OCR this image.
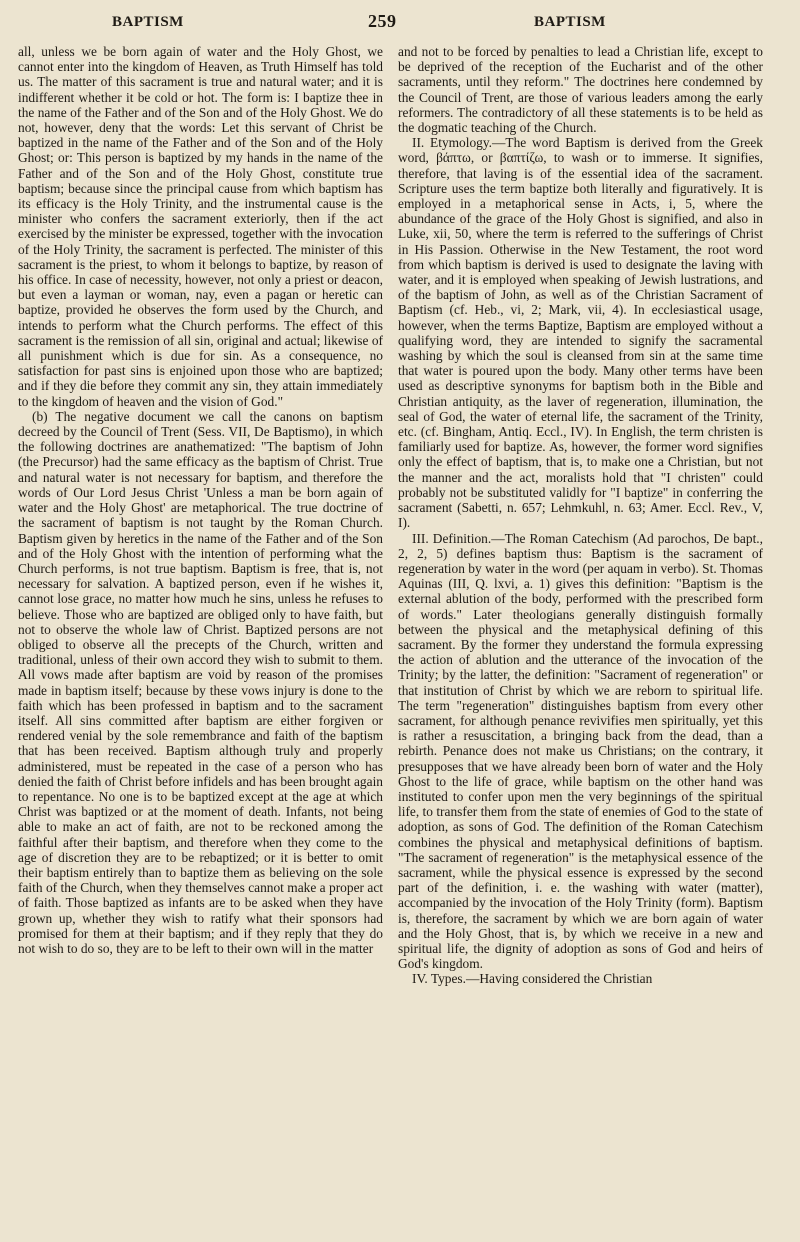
BAPTISM	259	BAPTISM

all, unless we be born again of water and the Holy Ghost, we cannot enter into the kingdom of Heaven, as Truth Himself has told us. The matter of this sacrament is true and natural water; and it is indifferent whether it be cold or hot. The form is: I baptize thee in the name of the Father and of the Son and of the Holy Ghost. We do not, however, deny that the words: Let this servant of Christ be baptized in the name of the Father and of the Son and of the Holy Ghost; or: This person is baptized by my hands in the name of the Father and of the Son and of the Holy Ghost, constitute true baptism; because since the principal cause from which baptism has its efficacy is the Holy Trinity, and the instrumental cause is the minister who confers the sacrament exteriorly, then if the act exercised by the minister be expressed, together with the invocation of the Holy Trinity, the sacrament is perfected. The minister of this sacrament is the priest, to whom it belongs to baptize, by reason of his office. In case of necessity, however, not only a priest or deacon, but even a layman or woman, nay, even a pagan or heretic can baptize, provided he observes the form used by the Church, and intends to perform what the Church performs. The effect of this sacrament is the remission of all sin, original and actual; likewise of all punishment which is due for sin. As a consequence, no satisfaction for past sins is enjoined upon those who are baptized; and if they die before they commit any sin, they attain immediately to the kingdom of heaven and the vision of God."

(b) The negative document we call the canons on baptism decreed by the Council of Trent (Sess. VII, De Baptismo), in which the following doctrines are anathematized: "The baptism of John (the Precursor) had the same efficacy as the baptism of Christ. True and natural water is not necessary for baptism, and therefore the words of Our Lord Jesus Christ 'Unless a man be born again of water and the Holy Ghost' are metaphorical. The true doctrine of the sacrament of baptism is not taught by the Roman Church. Baptism given by heretics in the name of the Father and of the Son and of the Holy Ghost with the intention of performing what the Church performs, is not true baptism. Baptism is free, that is, not necessary for salvation. A baptized person, even if he wishes it, cannot lose grace, no matter how much he sins, unless he refuses to believe. Those who are baptized are obliged only to have faith, but not to observe the whole law of Christ. Baptized persons are not obliged to observe all the precepts of the Church, written and traditional, unless of their own accord they wish to submit to them. All vows made after baptism are void by reason of the promises made in baptism itself; because by these vows injury is done to the faith which has been professed in baptism and to the sacrament itself. All sins committed after baptism are either forgiven or rendered venial by the sole remembrance and faith of the baptism that has been received. Baptism although truly and properly administered, must be repeated in the case of a person who has denied the faith of Christ before infidels and has been brought again to repentance. No one is to be baptized except at the age at which Christ was baptized or at the moment of death. Infants, not being able to make an act of faith, are not to be reckoned among the faithful after their baptism, and therefore when they come to the age of discretion they are to be rebaptized; or it is better to omit their baptism entirely than to baptize them as believing on the sole faith of the Church, when they themselves cannot make a proper act of faith. Those baptized as infants are to be asked when they have grown up, whether they wish to ratify what their sponsors had promised for them at their baptism; and if they reply that they do not wish to do so, they are to be left to their own will in the matter

and not to be forced by penalties to lead a Christian life, except to be deprived of the reception of the Eucharist and of the other sacraments, until they reform." The doctrines here condemned by the Council of Trent, are those of various leaders among the early reformers. The contradictory of all these statements is to be held as the dogmatic teaching of the Church.

II. Etymology.—The word Baptism is derived from the Greek word, βάπτω, or βαπτίζω, to wash or to immerse. It signifies, therefore, that laving is of the essential idea of the sacrament. Scripture uses the term baptize both literally and figuratively. It is employed in a metaphorical sense in Acts, i, 5, where the abundance of the grace of the Holy Ghost is signified, and also in Luke, xii, 50, where the term is referred to the sufferings of Christ in His Passion. Otherwise in the New Testament, the root word from which baptism is derived is used to designate the laving with water, and it is employed when speaking of Jewish lustrations, and of the baptism of John, as well as of the Christian Sacrament of Baptism (cf. Heb., vi, 2; Mark, vii, 4). In ecclesiastical usage, however, when the terms Baptize, Baptism are employed without a qualifying word, they are intended to signify the sacramental washing by which the soul is cleansed from sin at the same time that water is poured upon the body. Many other terms have been used as descriptive synonyms for baptism both in the Bible and Christian antiquity, as the laver of regeneration, illumination, the seal of God, the water of eternal life, the sacrament of the Trinity, etc. (cf. Bingham, Antiq. Eccl., IV). In English, the term christen is familiarly used for baptize. As, however, the former word signifies only the effect of baptism, that is, to make one a Christian, but not the manner and the act, moralists hold that "I christen" could probably not be substituted validly for "I baptize" in conferring the sacrament (Sabetti, n. 657; Lehmkuhl, n. 63; Amer. Eccl. Rev., V, I).

III. Definition.—The Roman Catechism (Ad parochos, De bapt., 2, 2, 5) defines baptism thus: Baptism is the sacrament of regeneration by water in the word (per aquam in verbo). St. Thomas Aquinas (III, Q. lxvi, a. 1) gives this definition: "Baptism is the external ablution of the body, performed with the prescribed form of words." Later theologians generally distinguish formally between the physical and the metaphysical defining of this sacrament. By the former they understand the formula expressing the action of ablution and the utterance of the invocation of the Trinity; by the latter, the definition: "Sacrament of regeneration" or that institution of Christ by which we are reborn to spiritual life. The term "regeneration" distinguishes baptism from every other sacrament, for although penance revivifies men spiritually, yet this is rather a resuscitation, a bringing back from the dead, than a rebirth. Penance does not make us Christians; on the contrary, it presupposes that we have already been born of water and the Holy Ghost to the life of grace, while baptism on the other hand was instituted to confer upon men the very beginnings of the spiritual life, to transfer them from the state of enemies of God to the state of adoption, as sons of God. The definition of the Roman Catechism combines the physical and metaphysical definitions of baptism. "The sacrament of regeneration" is the metaphysical essence of the sacrament, while the physical essence is expressed by the second part of the definition, i. e. the washing with water (matter), accompanied by the invocation of the Holy Trinity (form). Baptism is, therefore, the sacrament by which we are born again of water and the Holy Ghost, that is, by which we receive in a new and spiritual life, the dignity of adoption as sons of God and heirs of God's kingdom.

IV. Types.—Having considered the Christian
